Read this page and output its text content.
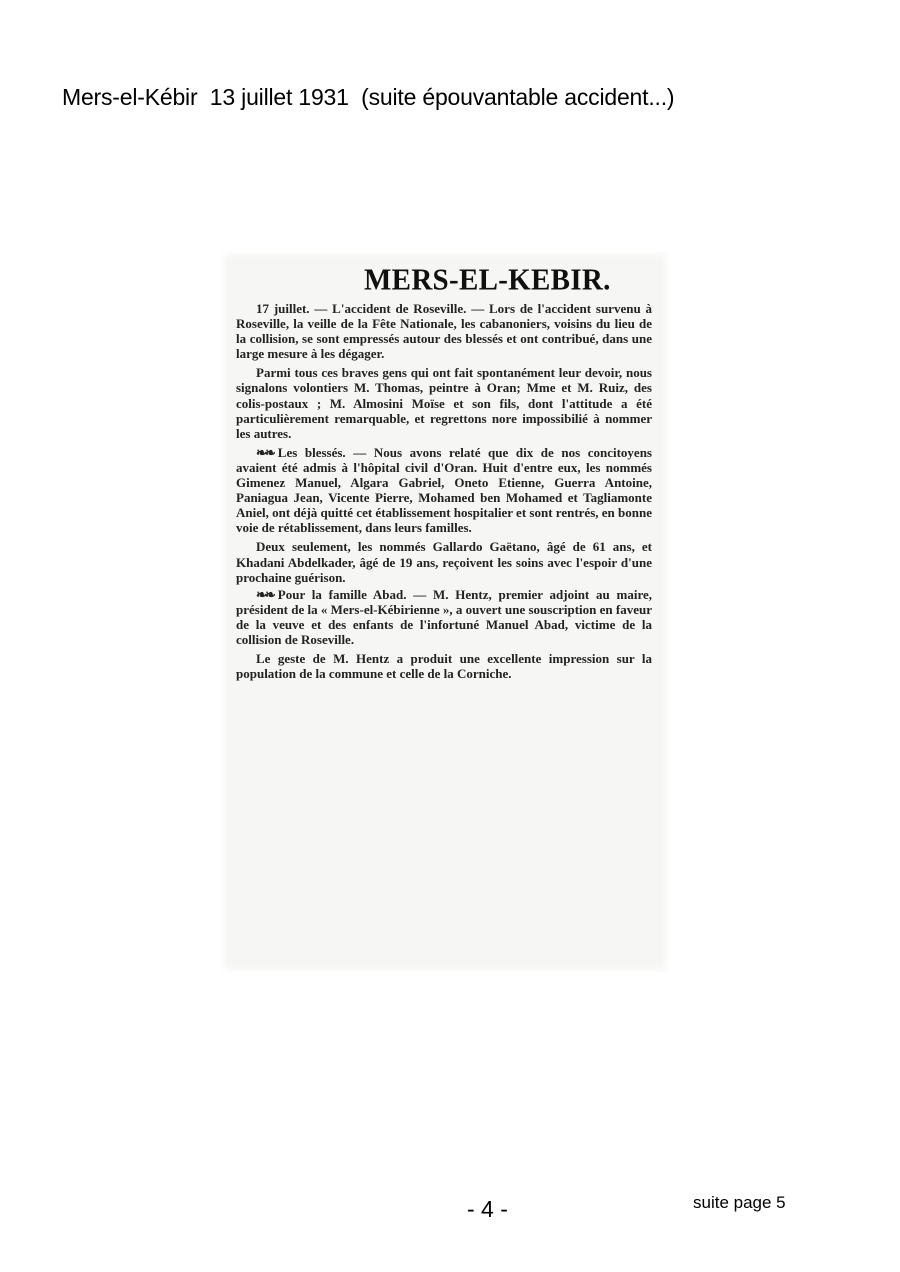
Mers-el-Kébir  13 juillet 1931  (suite épouvantable accident...)
MERS-EL-KEBIR.

17 juillet. — L'accident de Roseville. — Lors de l'accident survenu à Roseville, la veille de la Fête Nationale, les cabanoniers, voisins du lieu de la collision, se sont empressés autour des blessés et ont contribué, dans une large mesure à les dégager.

Parmi tous ces braves gens qui ont fait spontanément leur devoir, nous signalons volontiers M. Thomas, peintre à Oran; Mme et M. Ruiz, des colis-postaux ; M. Almosini Moïse et son fils, dont l'attitude a été particulièrement remarquable, et regrettons nore impossibilié à nommer les autres.

❧❧ Les blessés. — Nous avons relaté que dix de nos concitoyens avaient été admis à l'hôpital civil d'Oran. Huit d'entre eux, les nommés Gimenez Manuel, Algara Gabriel, Oneto Etienne, Guerra Antoine, Paniagua Jean, Vicente Pierre, Mohamed ben Mohamed et Tagliamonte Aniel, ont déjà quitté cet établissement hospitalier et sont rentrés, en bonne voie de rétablissement, dans leurs familles.

Deux seulement, les nommés Gallardo Gaëtano, âgé de 61 ans, et Khadani Abdelkader, âgé de 19 ans, reçoivent les soins avec l'espoir d'une prochaine guérison.

❧❧ Pour la famille Abad. — M. Hentz, premier adjoint au maire, président de la « Mers-el-Kébirienne », a ouvert une souscription en faveur de la veuve et des enfants de l'infortuné Manuel Abad, victime de la collision de Roseville.

Le geste de M. Hentz a produit une excellente impression sur la population de la commune et celle de la Corniche.

- 4 -	suite page 5
